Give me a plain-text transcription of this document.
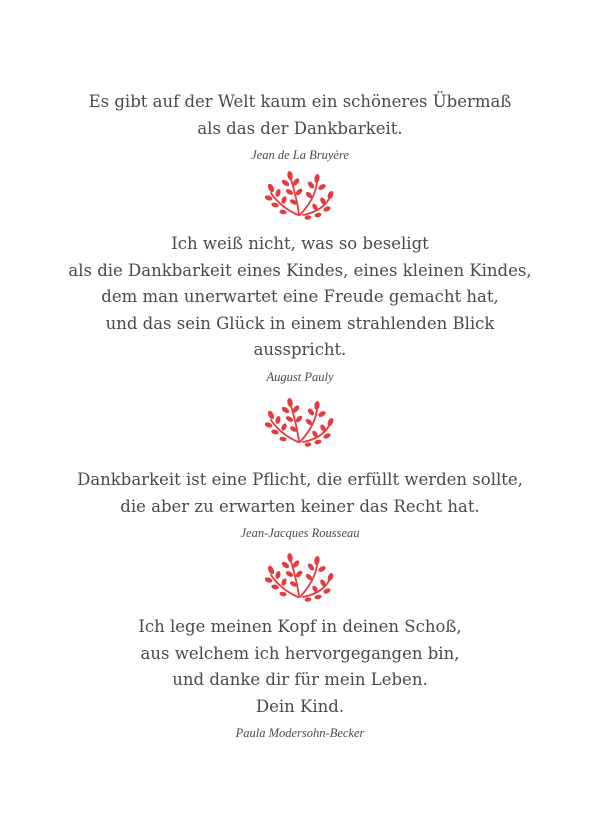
Es gibt auf der Welt kaum ein schöneres Übermaß
als das der Dankbarkeit.
Jean de La Bruyère
Ich weiß nicht, was so beseligt
als die Dankbarkeit eines Kindes, eines kleinen Kindes,
dem man unerwartet eine Freude gemacht hat,
und das sein Glück in einem strahlenden Blick
ausspricht.
August Pauly
Dankbarkeit ist eine Pflicht, die erfüllt werden sollte,
die aber zu erwarten keiner das Recht hat.
Jean-Jacques Rousseau
Ich lege meinen Kopf in deinen Schoß,
aus welchem ich hervorgegangen bin,
und danke dir für mein Leben.
Dein Kind.
Paula Modersohn-Becker
